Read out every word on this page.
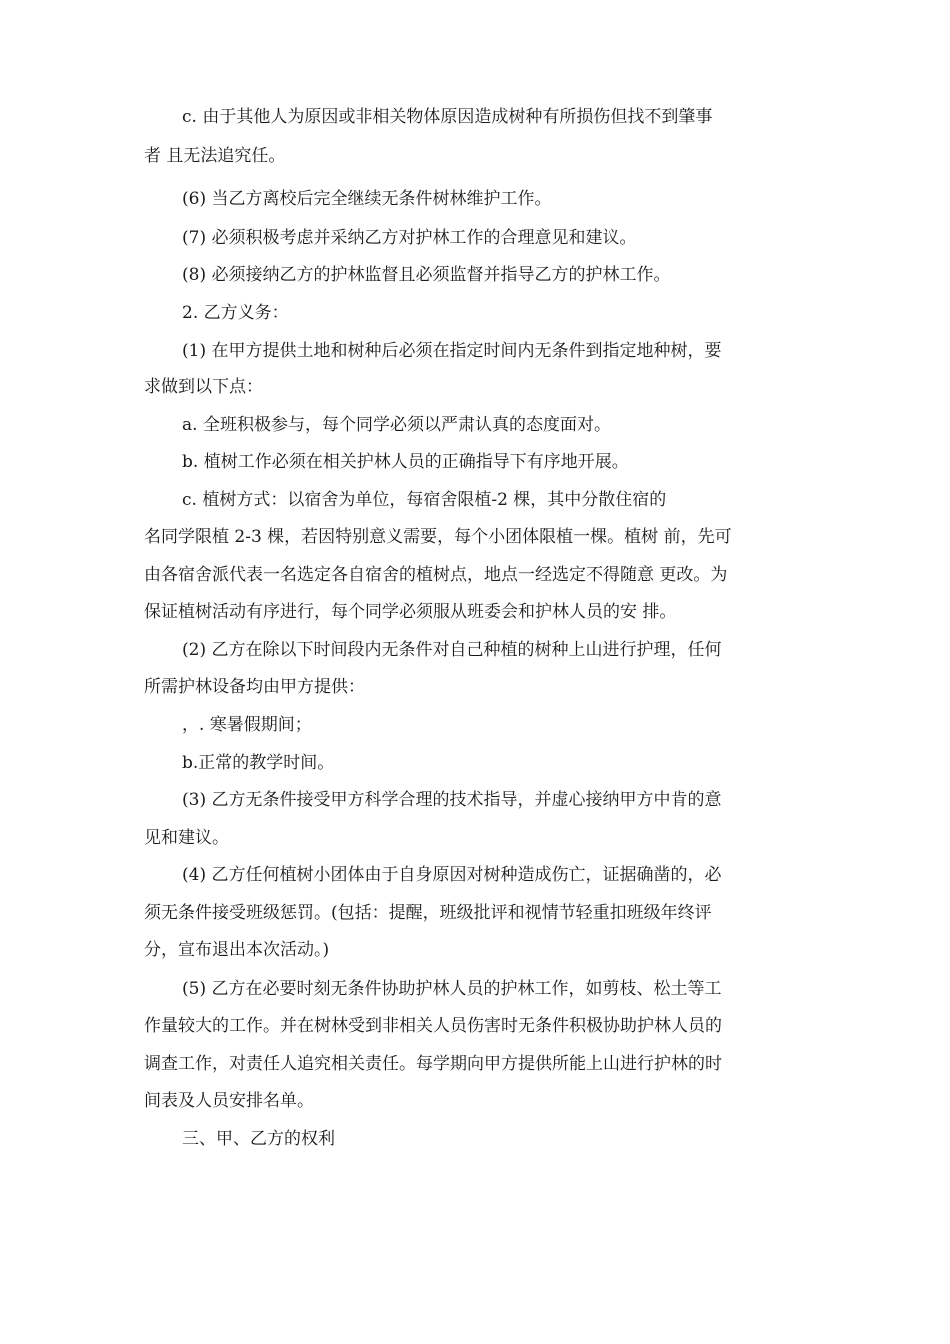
c. 由于其他人为原因或非相关物体原因造成树种有所损伤但找不到肇事
者 且无法追究任。
(6) 当乙方离校后完全继续无条件树林维护工作。
(7) 必须积极考虑并采纳乙方对护林工作的合理意见和建议。
(8) 必须接纳乙方的护林监督且必须监督并指导乙方的护林工作。
2. 乙方义务：
(1) 在甲方提供土地和树种后必须在指定时间内无条件到指定地种树，要
求做到以下点：
a. 全班积极参与，每个同学必须以严肃认真的态度面对。
b. 植树工作必须在相关护林人员的正确指导下有序地开展。
c. 植树方式：以宿舍为单位，每宿舍限植-2 棵，其中分散住宿的
名同学限植 2-3 棵，若因特别意义需要，每个小团体限植一棵。植树 前，先可
由各宿舍派代表一名选定各自宿舍的植树点，地点一经选定不得随意 更改。为
保证植树活动有序进行，每个同学必须服从班委会和护林人员的安 排。
(2) 乙方在除以下时间段内无条件对自己种植的树种上山进行护理，任何
所需护林设备均由甲方提供：
，. 寒暑假期间；
b.正常的教学时间。
(3) 乙方无条件接受甲方科学合理的技术指导，并虚心接纳甲方中肯的意
见和建议。
(4) 乙方任何植树小团体由于自身原因对树种造成伤亡，证据确凿的，必
须无条件接受班级惩罚。(包括：提醒，班级批评和视情节轻重扣班级年终评
分，宣布退出本次活动。)
(5) 乙方在必要时刻无条件协助护林人员的护林工作，如剪枝、松土等工
作量较大的工作。并在树林受到非相关人员伤害时无条件积极协助护林人员的
调查工作，对责任人追究相关责任。每学期向甲方提供所能上山进行护林的时
间表及人员安排名单。
三、甲、乙方的权利
